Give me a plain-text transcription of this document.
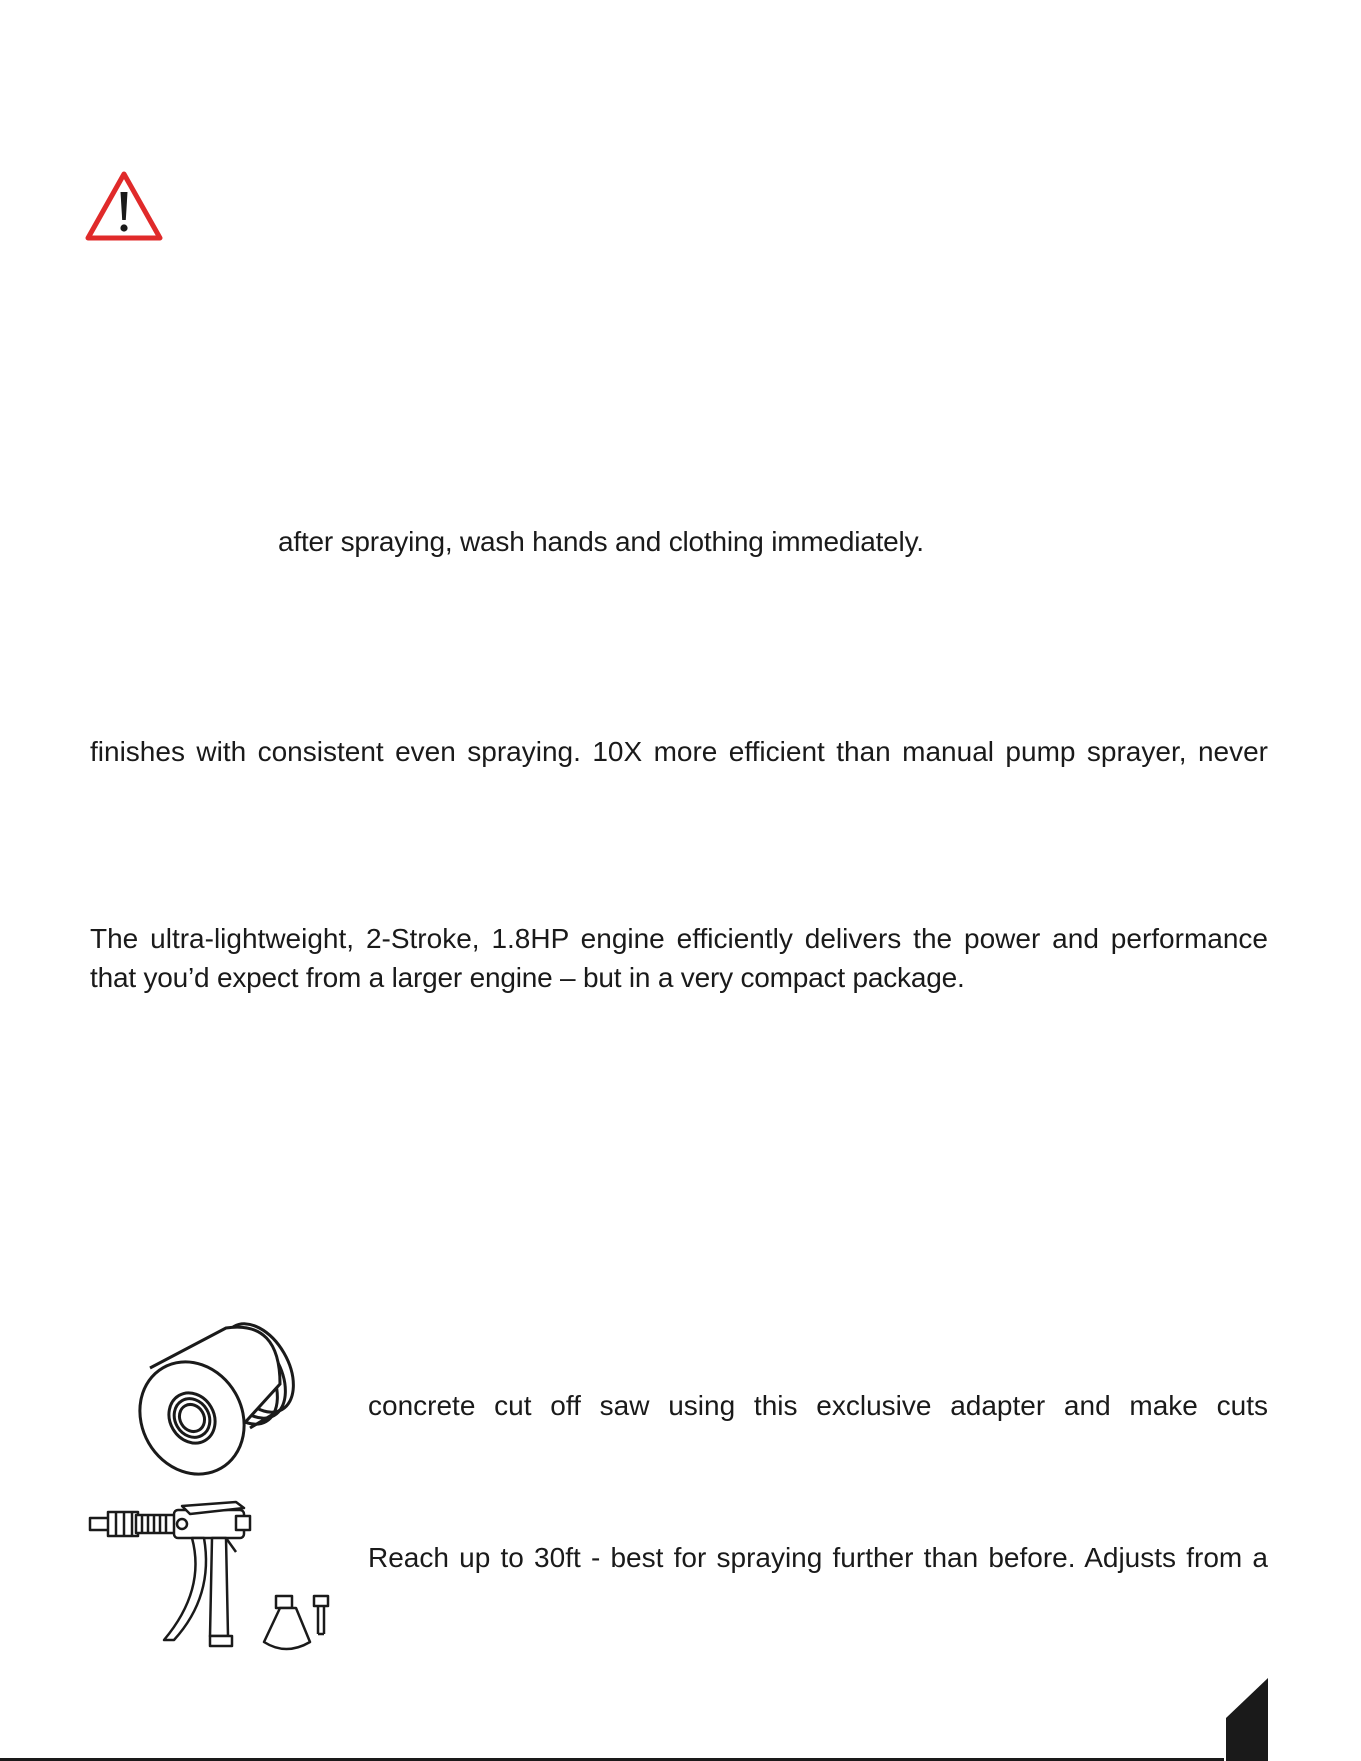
after spraying, wash hands and clothing immediately.
finishes with consistent even spraying. 10X more efficient than manual pump sprayer, never
The ultra-lightweight, 2-Stroke, 1.8HP engine efficiently delivers the power and performance
that you’d expect from a larger engine – but in a very compact package.
concrete cut off saw using this exclusive adapter and make cuts
Reach up to 30ft - best for spraying further than before. Adjusts from a
